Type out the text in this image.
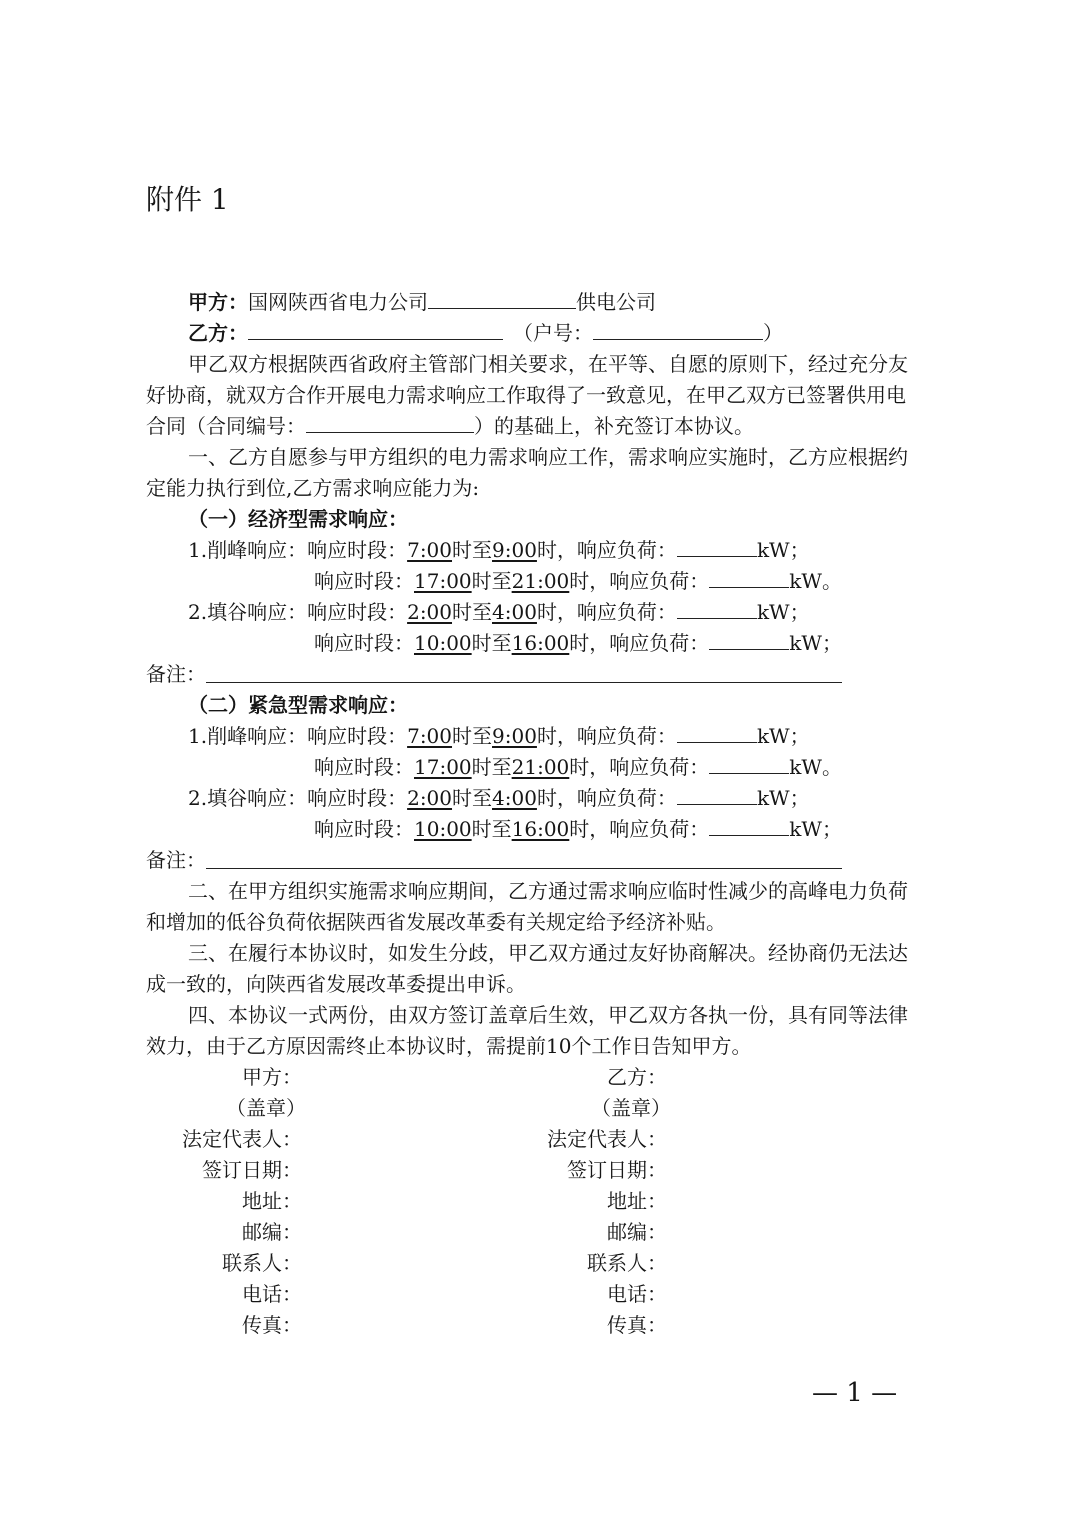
附件 1
甲方：国网陕西省电力公司	供电公司
乙方：	（户号：	）
甲乙双方根据陕西省政府主管部门相关要求，在平等、自愿的原则下，经过充分友
好协商，就双方合作开展电力需求响应工作取得了一致意见，在甲乙双方已签署供用电
合同（合同编号：	）的基础上，补充签订本协议。
一、乙方自愿参与甲方组织的电力需求响应工作，需求响应实施时，乙方应根据约
定能力执行到位,乙方需求响应能力为:
（一）经济型需求响应：
1.削峰响应：响应时段：7:00时至9:00时，响应负荷：	kW；
响应时段：17:00时至21:00时，响应负荷：	kW。
2.填谷响应：响应时段：2:00时至4:00时，响应负荷：	kW；
响应时段：10:00时至16:00时，响应负荷：	kW；
备注：
（二）紧急型需求响应：
1.削峰响应：响应时段：7:00时至9:00时，响应负荷：	kW；
响应时段：17:00时至21:00时，响应负荷：	kW。
2.填谷响应：响应时段：2:00时至4:00时，响应负荷：	kW；
响应时段：10:00时至16:00时，响应负荷：	kW；
备注：
二、在甲方组织实施需求响应期间，乙方通过需求响应临时性减少的高峰电力负荷
和增加的低谷负荷依据陕西省发展改革委有关规定给予经济补贴。
三、在履行本协议时，如发生分歧，甲乙双方通过友好协商解决。经协商仍无法达
成一致的，向陕西省发展改革委提出申诉。
四、本协议一式两份，由双方签订盖章后生效，甲乙双方各执一份，具有同等法律
效力，由于乙方原因需终止本协议时，需提前10个工作日告知甲方。
甲方：	乙方：
（盖章）	（盖章）
法定代表人：	法定代表人：
签订日期：	签订日期：
地址：	地址：
邮编：	邮编：
联系人：	联系人：
电话：	电话：
传真：	传真：
— 1 —
